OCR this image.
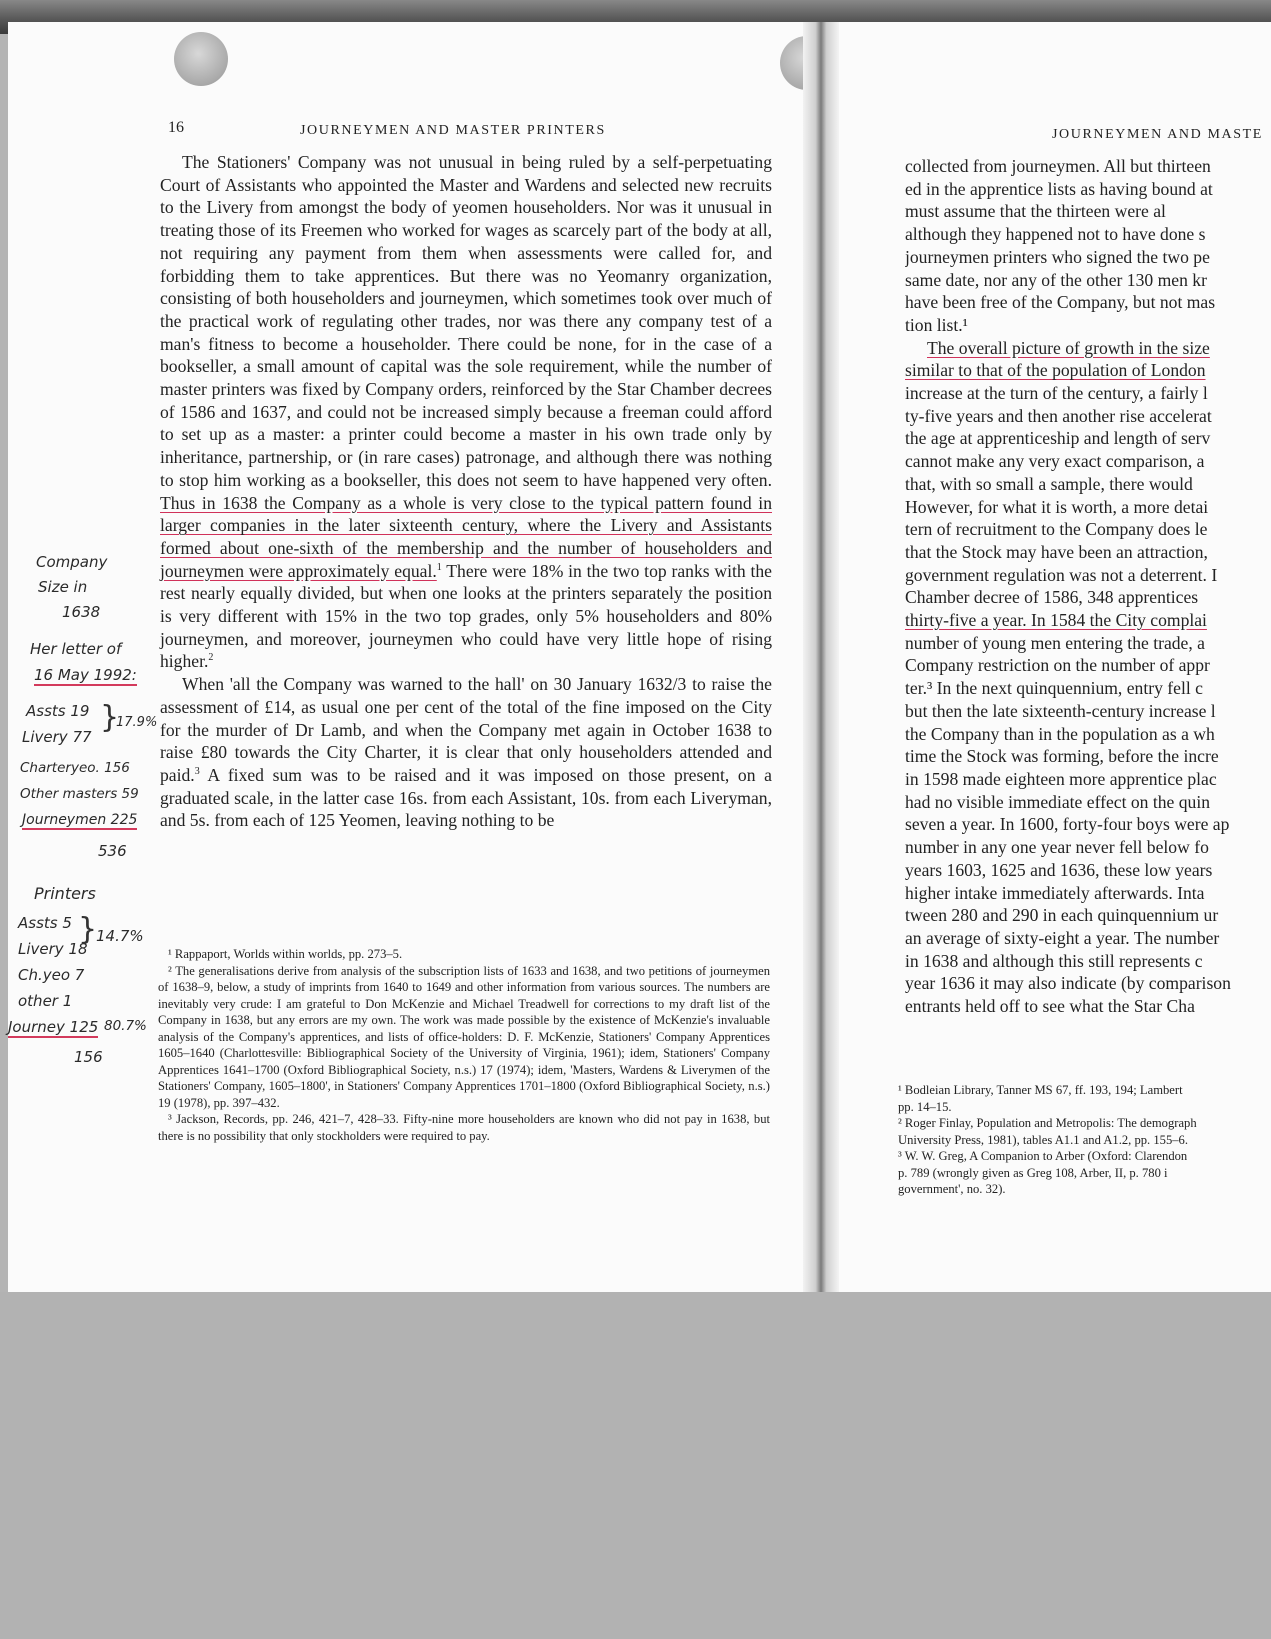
16	JOURNEYMEN AND MASTER PRINTERS

The Stationers' Company was not unusual in being ruled by a self-perpetuating Court of Assistants who appointed the Master and Wardens and selected new recruits to the Livery from amongst the body of yeomen householders. Nor was it unusual in treating those of its Freemen who worked for wages as scarcely part of the body at all, not requiring any payment from them when assessments were called for, and forbidding them to take apprentices. But there was no Yeomanry organization, consisting of both householders and journeymen, which sometimes took over much of the practical work of regulating other trades, nor was there any company test of a man's fitness to become a householder. There could be none, for in the case of a bookseller, a small amount of capital was the sole requirement, while the number of master printers was fixed by Company orders, reinforced by the Star Chamber decrees of 1586 and 1637, and could not be increased simply because a freeman could afford to set up as a master: a printer could become a master in his own trade only by inheritance, partnership, or (in rare cases) patronage, and although there was nothing to stop him working as a bookseller, this does not seem to have happened very often. Thus in 1638 the Company as a whole is very close to the typical pattern found in larger companies in the later sixteenth century, where the Livery and Assistants formed about one-sixth of the membership and the number of householders and journeymen were approximately equal.$^1$ There were 18% in the two top ranks with the rest nearly equally divided, but when one looks at the printers separately the position is very different with 15% in the two top grades, only 5% householders and 80% journeymen, and moreover, journeymen who could have very little hope of rising higher.$^2$

When 'all the Company was warned to the hall' on 30 January 1632/3 to raise the assessment of £14, as usual one per cent of the total of the fine imposed on the City for the murder of Dr Lamb, and when the Company met again in October 1638 to raise £80 towards the City Charter, it is clear that only householders attended and paid.$^3$ A fixed sum was to be raised and it was imposed on those present, on a graduated scale, in the latter case 16s. from each Assistant, 10s. from each Liveryman, and 5s. from each of 125 Yeomen, leaving nothing to be

¹ Rappaport, Worlds within worlds, pp. 273–5.

² The generalisations derive from analysis of the subscription lists of 1633 and 1638, and two petitions of journeymen of 1638–9, below, a study of imprints from 1640 to 1649 and other information from various sources. The numbers are inevitably very crude: I am grateful to Don McKenzie and Michael Treadwell for corrections to my draft list of the Company in 1638, but any errors are my own. The work was made possible by the existence of McKenzie's invaluable analysis of the Company's apprentices, and lists of office-holders: D. F. McKenzie, Stationers' Company Apprentices 1605–1640 (Charlottesville: Bibliographical Society of the University of Virginia, 1961); idem, Stationers' Company Apprentices 1641–1700 (Oxford Bibliographical Society, n.s.) 17 (1974); idem, 'Masters, Wardens & Liverymen of the Stationers' Company, 1605–1800', in Stationers' Company Apprentices 1701–1800 (Oxford Bibliographical Society, n.s.) 19 (1978), pp. 397–432.

³ Jackson, Records, pp. 246, 421–7, 428–33. Fifty-nine more householders are known who did not pay in 1638, but there is no possibility that only stockholders were required to pay.

JOURNEYMEN AND MASTE
collected from journeymen. All but thirteen
ed in the apprentice lists as having bound at
must assume that the thirteen were al
although they happened not to have done s
journeymen printers who signed the two pe
same date, nor any of the other 130 men kr
have been free of the Company, but not mas
tion list.¹
The overall picture of growth in the size
similar to that of the population of London
increase at the turn of the century, a fairly l
ty-five years and then another rise accelerat
the age at apprenticeship and length of serv
cannot make any very exact comparison, a
that, with so small a sample, there would
However, for what it is worth, a more detai
tern of recruitment to the Company does le
that the Stock may have been an attraction,
government regulation was not a deterrent. I
Chamber decree of 1586, 348 apprentices
thirty-five a year. In 1584 the City complai
number of young men entering the trade, a
Company restriction on the number of appr
ter.³ In the next quinquennium, entry fell c
but then the late sixteenth-century increase l
the Company than in the population as a wh
time the Stock was forming, before the incre
in 1598 made eighteen more apprentice plac
had no visible immediate effect on the quin
seven a year. In 1600, forty-four boys were ap
number in any one year never fell below fo
years 1603, 1625 and 1636, these low years
higher intake immediately afterwards. Inta
tween 280 and 290 in each quinquennium ur
an average of sixty-eight a year. The number
in 1638 and although this still represents c
year 1636 it may also indicate (by comparison
entrants held off to see what the Star Cha
¹ Bodleian Library, Tanner MS 67, ff. 193, 194; Lambert
pp. 14–15.
² Roger Finlay, Population and Metropolis: The demograph
University Press, 1981), tables A1.1 and A1.2, pp. 155–6.
³ W. W. Greg, A Companion to Arber (Oxford: Clarendon
p. 789 (wrongly given as Greg 108, Arber, II, p. 780 i
government', no. 32).
Company
Size in
1638
Her letter of
16 May 1992:
Assts 19
Livery 77
}
17.9%
Charteryeo. 156
Other masters 59
Journeymen 225
536
Printers
Assts 5
Livery 18
}
14.7%
Ch.yeo 7
other 1
Journey 125 80.7%
156
